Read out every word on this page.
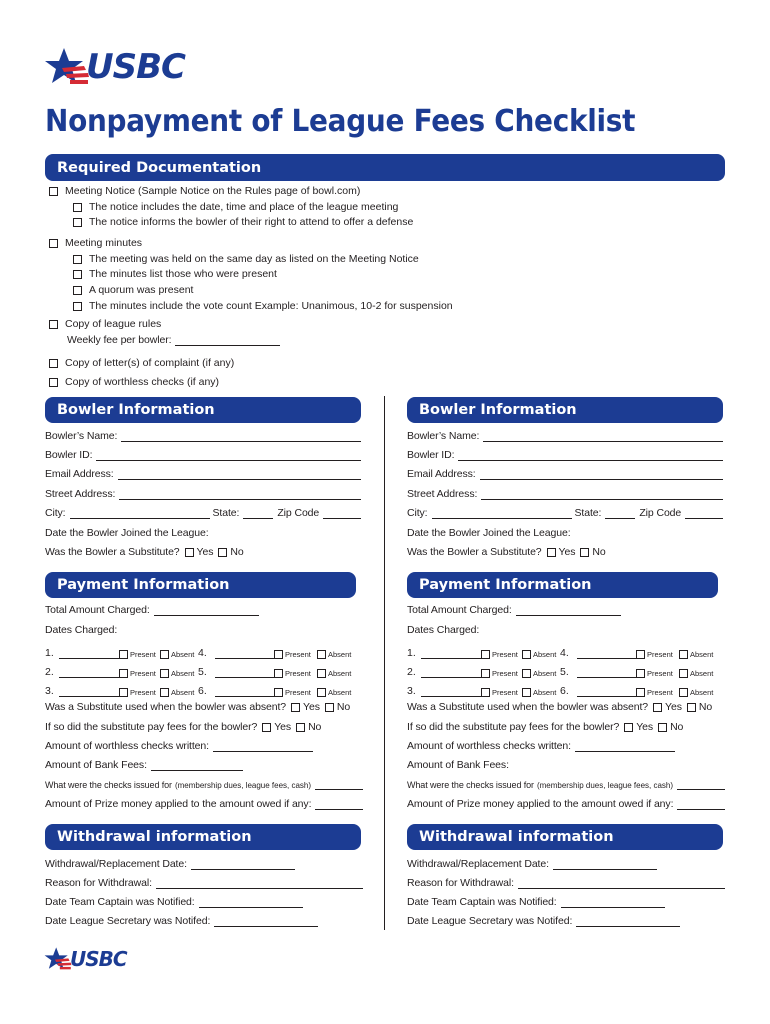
USBC
Nonpayment of League Fees Checklist
Required Documentation
Meeting Notice (Sample Notice on the Rules page of bowl.com)
The notice includes the date, time and place of the league meeting
The notice informs the bowler of their right to attend to offer a defense
Meeting minutes
The meeting was held on the same day as listed on the Meeting Notice
The minutes list those who were present
A quorum was present
The minutes include the vote count Example: Unanimous, 10-2 for suspension
Copy of league rules
Weekly fee per bowler:
Copy of letter(s) of complaint (if any)
Copy of worthless checks (if any)
Bowler Information
Bowler’s Name:
Bowler ID:
Email Address:
Street Address:
City:	State:	Zip Code
Date the Bowler Joined the League:
Was the Bowler a Substitute? Yes No
Payment Information
Total Amount Charged:
Dates Charged:
1.	Present Absent 4.	Present Absent
2.	Present Absent 5.	Present Absent
3.	Present Absent 6.	Present Absent
Was a Substitute used when the bowler was absent? Yes No
If so did the substitute pay fees for the bowler? Yes No
Amount of worthless checks written:
Amount of Bank Fees:
What were the checks issued for (membership dues, league fees, cash)
Amount of Prize money applied to the amount owed if any:
Withdrawal information
Withdrawal/Replacement Date:
Reason for Withdrawal:
Date Team Captain was Notified:
Date League Secretary was Notifed:
Bowler Information
Bowler’s Name:
Bowler ID:
Email Address:
Street Address:
City:	State:	Zip Code
Date the Bowler Joined the League:
Was the Bowler a Substitute? Yes No
Payment Information
Total Amount Charged:
Dates Charged:
1.	Present Absent 4.	Present Absent
2.	Present Absent 5.	Present Absent
3.	Present Absent 6.	Present Absent
Was a Substitute used when the bowler was absent? Yes No
If so did the substitute pay fees for the bowler? Yes No
Amount of worthless checks written:
Amount of Bank Fees:
What were the checks issued for (membership dues, league fees, cash)
Amount of Prize money applied to the amount owed if any:
Withdrawal information
Withdrawal/Replacement Date:
Reason for Withdrawal:
Date Team Captain was Notified:
Date League Secretary was Notifed:
USBC
